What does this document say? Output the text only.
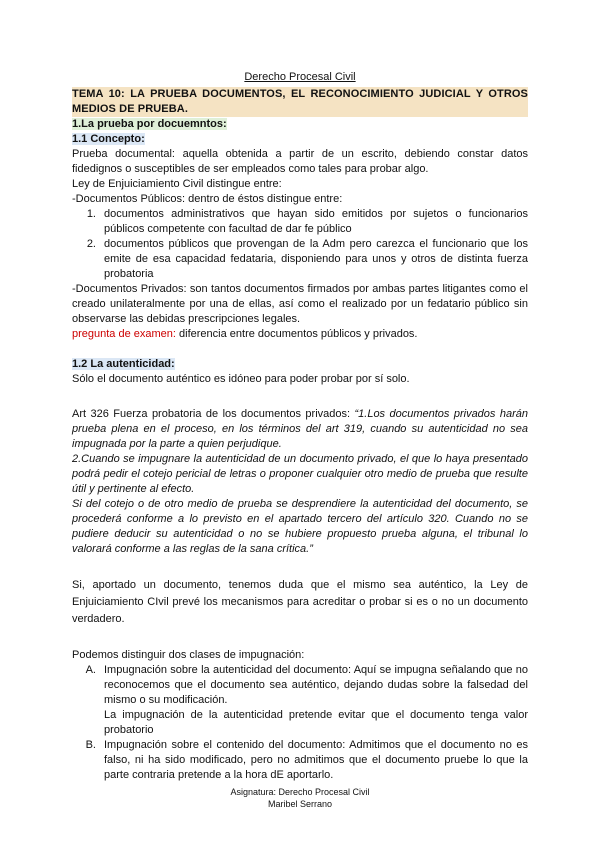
Derecho Procesal Civil
TEMA 10: LA PRUEBA DOCUMENTOS, EL RECONOCIMIENTO JUDICIAL Y OTROS MEDIOS DE PRUEBA.
1.La prueba por docuemntos:
1.1 Concepto:

Prueba documental: aquella obtenida a partir de un escrito, debiendo constar datos fidedignos o susceptibles de ser empleados como tales para probar algo.

Ley de Enjuiciamiento Civil distingue entre:

-Documentos Públicos: dentro de éstos distingue entre:

1. documentos administrativos que hayan sido emitidos por sujetos o funcionarios públicos competente con facultad de dar fe público
2. documentos públicos que provengan de la Adm pero carezca el funcionario que los emite de esa capacidad fedataria, disponiendo para unos y otros de distinta fuerza probatoria

-Documentos Privados: son tantos documentos firmados por ambas partes litigantes como el creado unilateralmente por una de ellas, así como el realizado por un fedatario público sin observarse las debidas prescripciones legales.

pregunta de examen: diferencia entre documentos públicos y privados.

1.2 La autenticidad:

Sólo el documento auténtico es idóneo para poder probar por sí solo.

Art 326 Fuerza probatoria de los documentos privados: “1.Los documentos privados harán prueba plena en el proceso, en los términos del art 319, cuando su autenticidad no sea impugnada por la parte a quien perjudique.

2.Cuando se impugnare la autenticidad de un documento privado, el que lo haya presentado podrá pedir el cotejo pericial de letras o proponer cualquier otro medio de prueba que resulte útil y pertinente al efecto.

Si del cotejo o de otro medio de prueba se desprendiere la autenticidad del documento, se procederá conforme a lo previsto en el apartado tercero del artículo 320. Cuando no se pudiere deducir su autenticidad o no se hubiere propuesto prueba alguna, el tribunal lo valorará conforme a las reglas de la sana crítica.”

Si, aportado un documento, tenemos duda que el mismo sea auténtico, la Ley de Enjuiciamiento CIvil prevé los mecanismos para acreditar o probar si es o no un documento verdadero.

Podemos distinguir dos clases de impugnación:

A. Impugnación sobre la autenticidad del documento: Aquí se impugna señalando que no reconocemos que el documento sea auténtico, dejando dudas sobre la falsedad del mismo o su modificación.
La impugnación de la autenticidad pretende evitar que el documento tenga valor probatorio
B. Impugnación sobre el contenido del documento: Admitimos que el documento no es falso, ni ha sido modificado, pero no admitimos que el documento pruebe lo que la parte contraria pretende a la hora dE aportarlo.
Asignatura: Derecho Procesal Civil
Maribel Serrano
